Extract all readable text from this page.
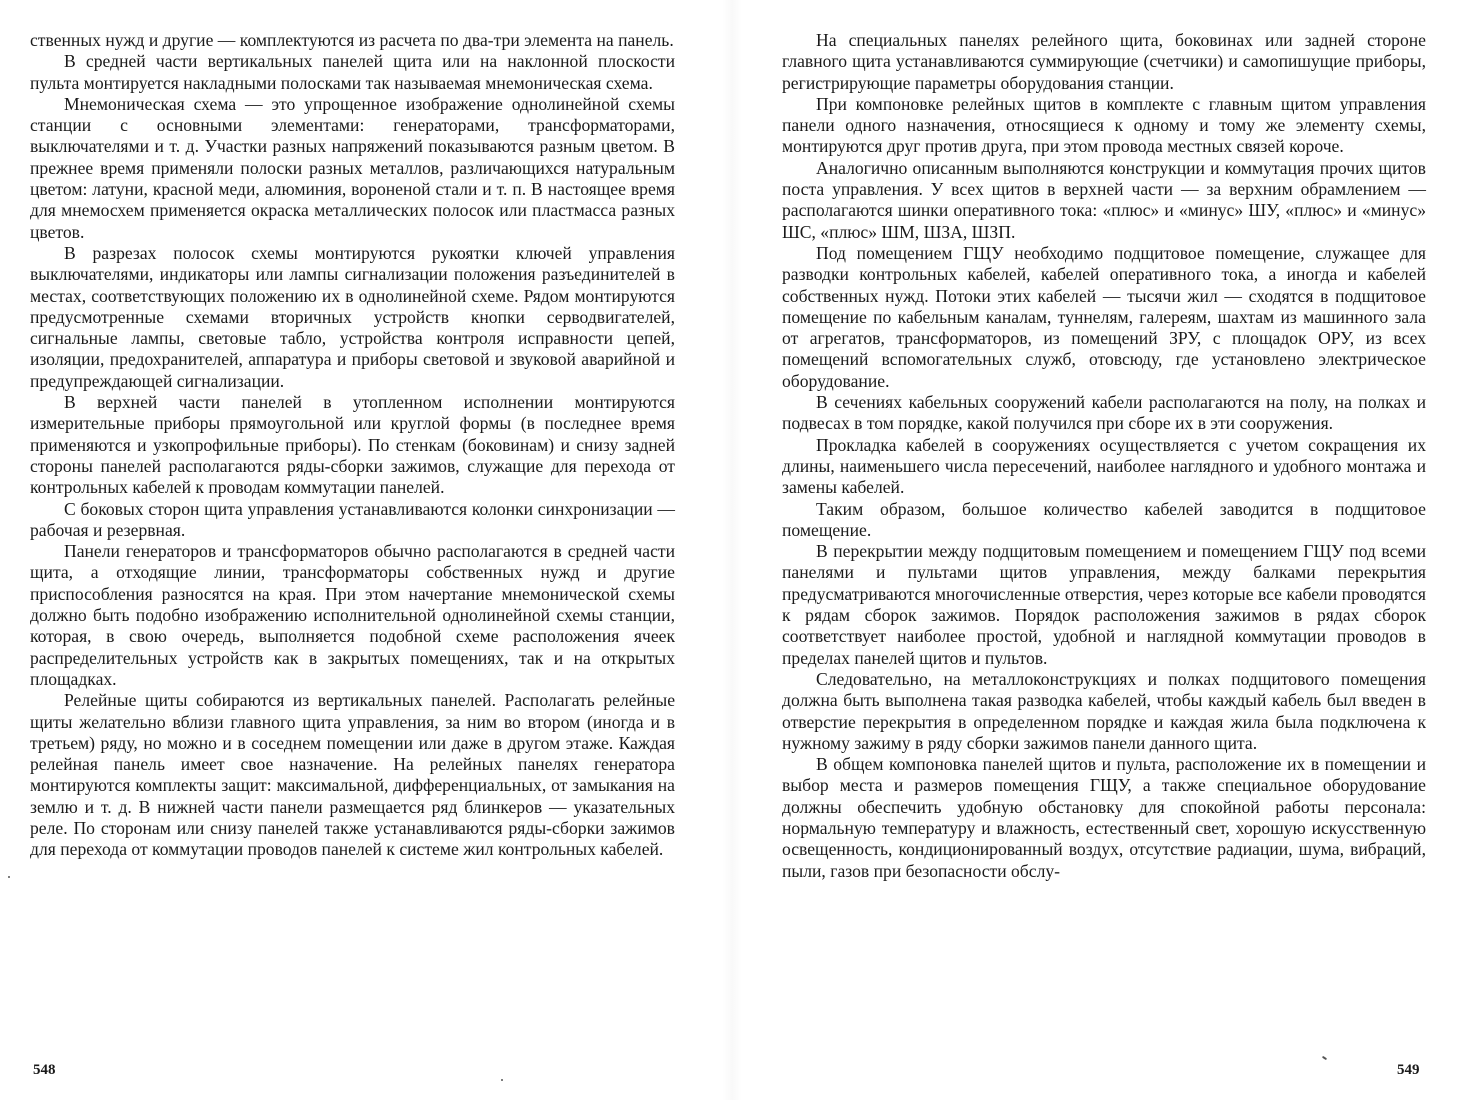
ственных нужд и другие — комплектуются из расчета по два-три элемента на панель.

В средней части вертикальных панелей щита или на наклонной плоскости пульта монтируется накладными полосками так называемая мнемоническая схема.

Мнемоническая схема — это упрощенное изображение однолинейной схемы станции с основными элементами: генераторами, трансформаторами, выключателями и т. д. Участки разных напряжений показываются разным цветом. В прежнее время применяли полоски разных металлов, различающихся натуральным цветом: латуни, красной меди, алюминия, вороненой стали и т. п. В настоящее время для мнемосхем применяется окраска металлических полосок или пластмасса разных цветов.

В разрезах полосок схемы монтируются рукоятки ключей управления выключателями, индикаторы или лампы сигнализации положения разъединителей в местах, соответствующих положению их в однолинейной схеме. Рядом монтируются предусмотренные схемами вторичных устройств кнопки серводвигателей, сигнальные лампы, световые табло, устройства контроля исправности цепей, изоляции, предохранителей, аппаратура и приборы световой и звуковой аварийной и предупреждающей сигнализации.

В верхней части панелей в утопленном исполнении монтируются измерительные приборы прямоугольной или круглой формы (в последнее время применяются и узкопрофильные приборы). По стенкам (боковинам) и снизу задней стороны панелей располагаются ряды-сборки зажимов, служащие для перехода от контрольных кабелей к проводам коммутации панелей.

С боковых сторон щита управления устанавливаются колонки синхронизации — рабочая и резервная.

Панели генераторов и трансформаторов обычно располагаются в средней части щита, а отходящие линии, трансформаторы собственных нужд и другие приспособления разносятся на края. При этом начертание мнемонической схемы должно быть подобно изображению исполнительной однолинейной схемы станции, которая, в свою очередь, выполняется подобной схеме расположения ячеек распределительных устройств как в закрытых помещениях, так и на открытых площадках.

Релейные щиты собираются из вертикальных панелей. Располагать релейные щиты желательно вблизи главного щита управления, за ним во втором (иногда и в третьем) ряду, но можно и в соседнем помещении или даже в другом этаже. Каждая релейная панель имеет свое назначение. На релейных панелях генератора монтируются комплекты защит: максимальной, дифференциальных, от замыкания на землю и т. д. В нижней части панели размещается ряд блинкеров — указательных реле. По сторонам или снизу панелей также устанавливаются ряды-сборки зажимов для перехода от коммутации проводов панелей к системе жил контрольных кабелей.

548

На специальных панелях релейного щита, боковинах или задней стороне главного щита устанавливаются суммирующие (счетчики) и самопишущие приборы, регистрирующие параметры оборудования станции.

При компоновке релейных щитов в комплекте с главным щитом управления панели одного назначения, относящиеся к одному и тому же элементу схемы, монтируются друг против друга, при этом провода местных связей короче.

Аналогично описанным выполняются конструкции и коммутация прочих щитов поста управления. У всех щитов в верхней части — за верхним обрамлением — располагаются шинки оперативного тока: «плюс» и «минус» ШУ, «плюс» и «минус» ШС, «плюс» ШМ, ШЗА, ШЗП.

Под помещением ГЩУ необходимо подщитовое помещение, служащее для разводки контрольных кабелей, кабелей оперативного тока, а иногда и кабелей собственных нужд. Потоки этих кабелей — тысячи жил — сходятся в подщитовое помещение по кабельным каналам, туннелям, галереям, шахтам из машинного зала от агрегатов, трансформаторов, из помещений ЗРУ, с площадок ОРУ, из всех помещений вспомогательных служб, отовсюду, где установлено электрическое оборудование.

В сечениях кабельных сооружений кабели располагаются на полу, на полках и подвесах в том порядке, какой получился при сборе их в эти сооружения.

Прокладка кабелей в сооружениях осуществляется с учетом сокращения их длины, наименьшего числа пересечений, наиболее наглядного и удобного монтажа и замены кабелей.

Таким образом, большое количество кабелей заводится в подщитовое помещение.

В перекрытии между подщитовым помещением и помещением ГЩУ под всеми панелями и пультами щитов управления, между балками перекрытия предусматриваются многочисленные отверстия, через которые все кабели проводятся к рядам сборок зажимов. Порядок расположения зажимов в рядах сборок соответствует наиболее простой, удобной и наглядной коммутации проводов в пределах панелей щитов и пультов.

Следовательно, на металлоконструкциях и полках подщитового помещения должна быть выполнена такая разводка кабелей, чтобы каждый кабель был введен в отверстие перекрытия в определенном порядке и каждая жила была подключена к нужному зажиму в ряду сборки зажимов панели данного щита.

В общем компоновка панелей щитов и пульта, расположение их в помещении и выбор места и размеров помещения ГЩУ, а также специальное оборудование должны обеспечить удобную обстановку для спокойной работы персонала: нормальную температуру и влажность, естественный свет, хорошую искусственную освещенность, кондиционированный воздух, отсутствие радиации, шума, вибраций, пыли, газов при безопасности обслу-

549
